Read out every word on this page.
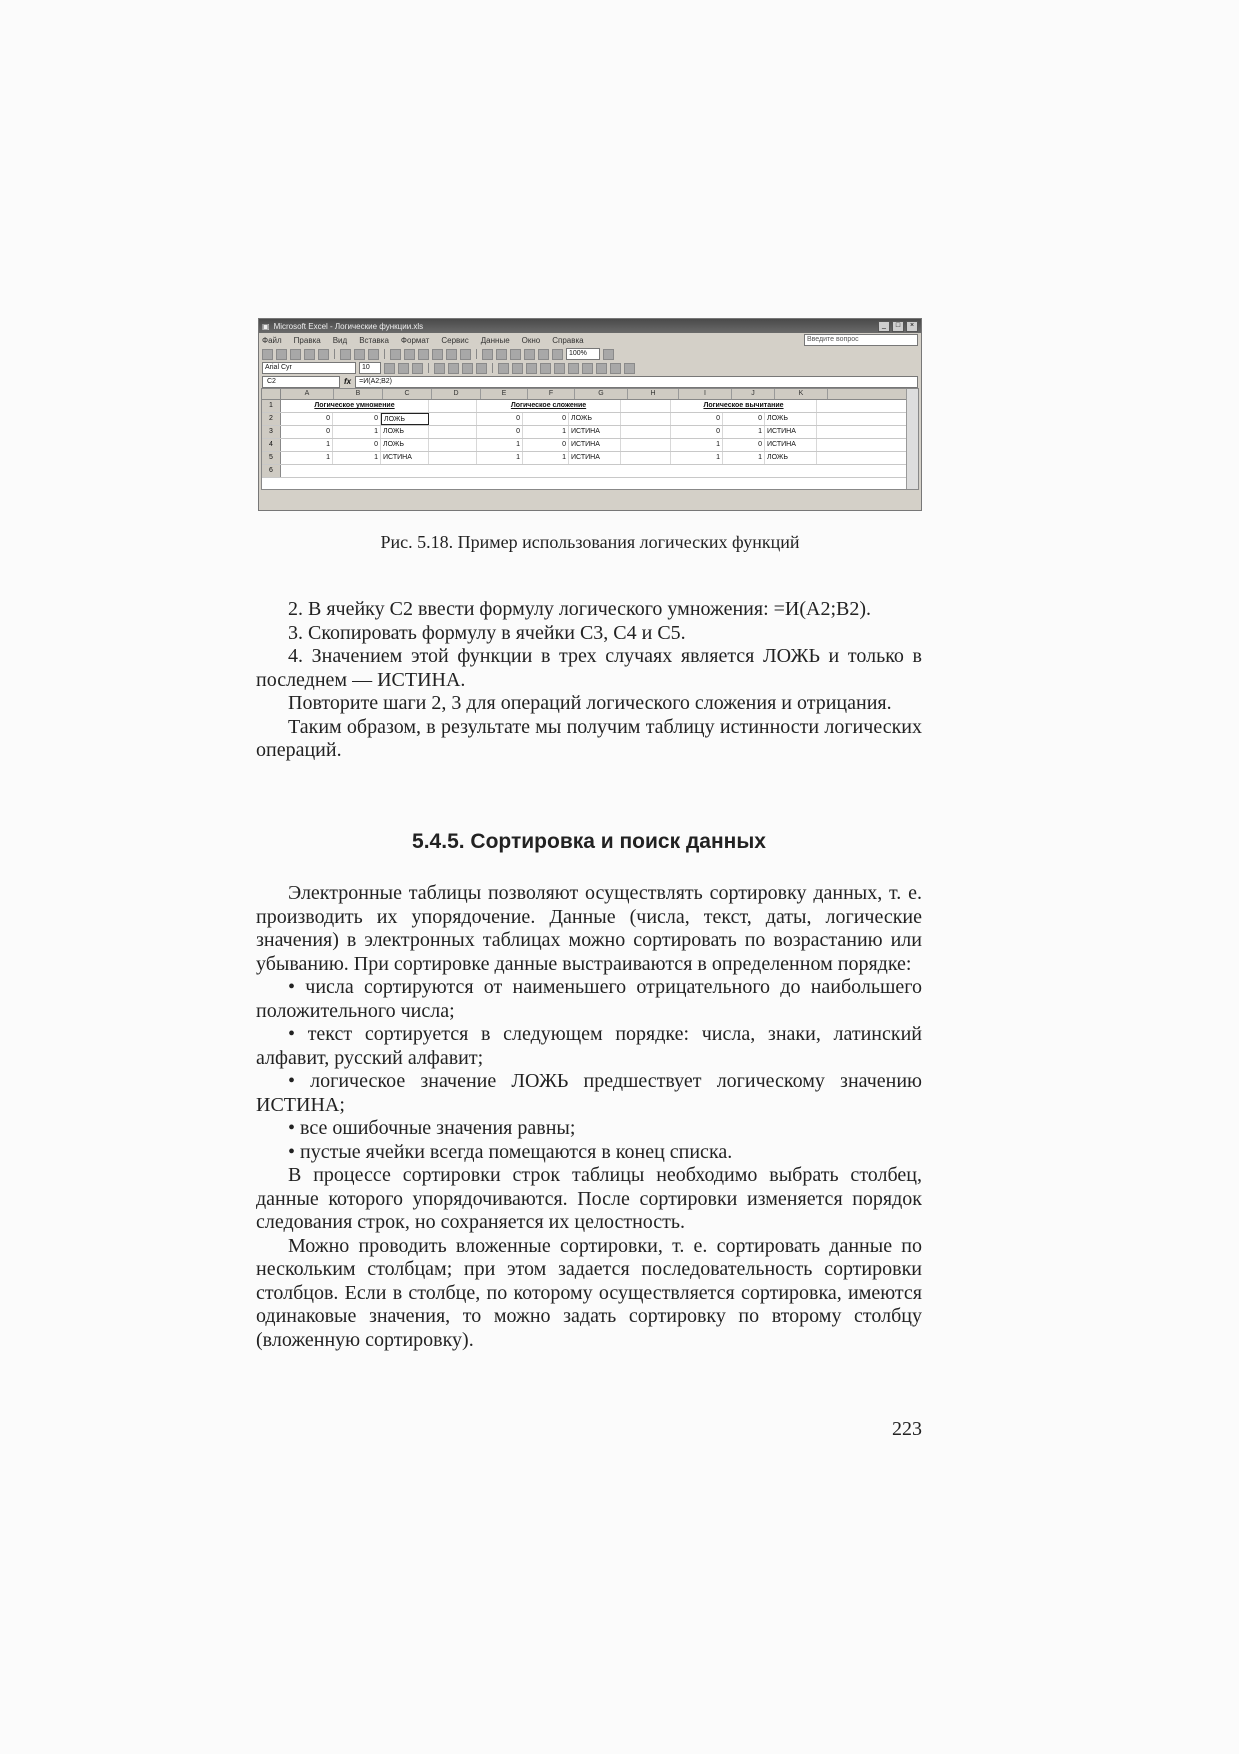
▣ Microsoft Excel - Логические функции.xls	_	□	×
Файл Правка Вид Вставка Формат Сервис Данные Окно Справка	Введите вопрос
100%
Arial Cyr	10
C2	fx	=И(A2;B2)
A	B	C	D	E	F	G	H	I	J	K
1	Логическое умножение	Логическое сложение	Логическое вычитание
2	0	0 ЛОЖЬ	0	0 ЛОЖЬ	0	0 ЛОЖЬ
3	0	1 ЛОЖЬ	0	1 ИСТИНА	0	1 ИСТИНА
4	1	0 ЛОЖЬ	1	0 ИСТИНА	1	0 ИСТИНА
5	1	1 ИСТИНА	1	1 ИСТИНА	1	1 ЛОЖЬ
6
Рис. 5.18. Пример использования логических функций

2. В ячейку C2 ввести формулу логического умножения: =И(A2;B2).

3. Скопировать формулу в ячейки C3, C4 и C5.

4. Значением этой функции в трех случаях является ЛОЖЬ и только в последнем — ИСТИНА.

Повторите шаги 2, 3 для операций логического сложения и отрицания.

Таким образом, в результате мы получим таблицу истинности логических операций.

5.4.5. Сортировка и поиск данных

Электронные таблицы позволяют осуществлять сортировку данных, т. е. производить их упорядочение. Данные (числа, текст, даты, логические значения) в электронных таблицах можно сортировать по возрастанию или убыванию. При сортировке данные выстраиваются в определенном порядке:

• числа сортируются от наименьшего отрицательного до наибольшего положительного числа;

• текст сортируется в следующем порядке: числа, знаки, латинский алфавит, русский алфавит;

• логическое значение ЛОЖЬ предшествует логическому значению ИСТИНА;

• все ошибочные значения равны;

• пустые ячейки всегда помещаются в конец списка.

В процессе сортировки строк таблицы необходимо выбрать столбец, данные которого упорядочиваются. После сортировки изменяется порядок следования строк, но сохраняется их целостность.

Можно проводить вложенные сортировки, т. е. сортировать данные по нескольким столбцам; при этом задается последовательность сортировки столбцов. Если в столбце, по которому осуществляется сортировка, имеются одинаковые значения, то можно задать сортировку по второму столбцу (вложенную сортировку).

223
